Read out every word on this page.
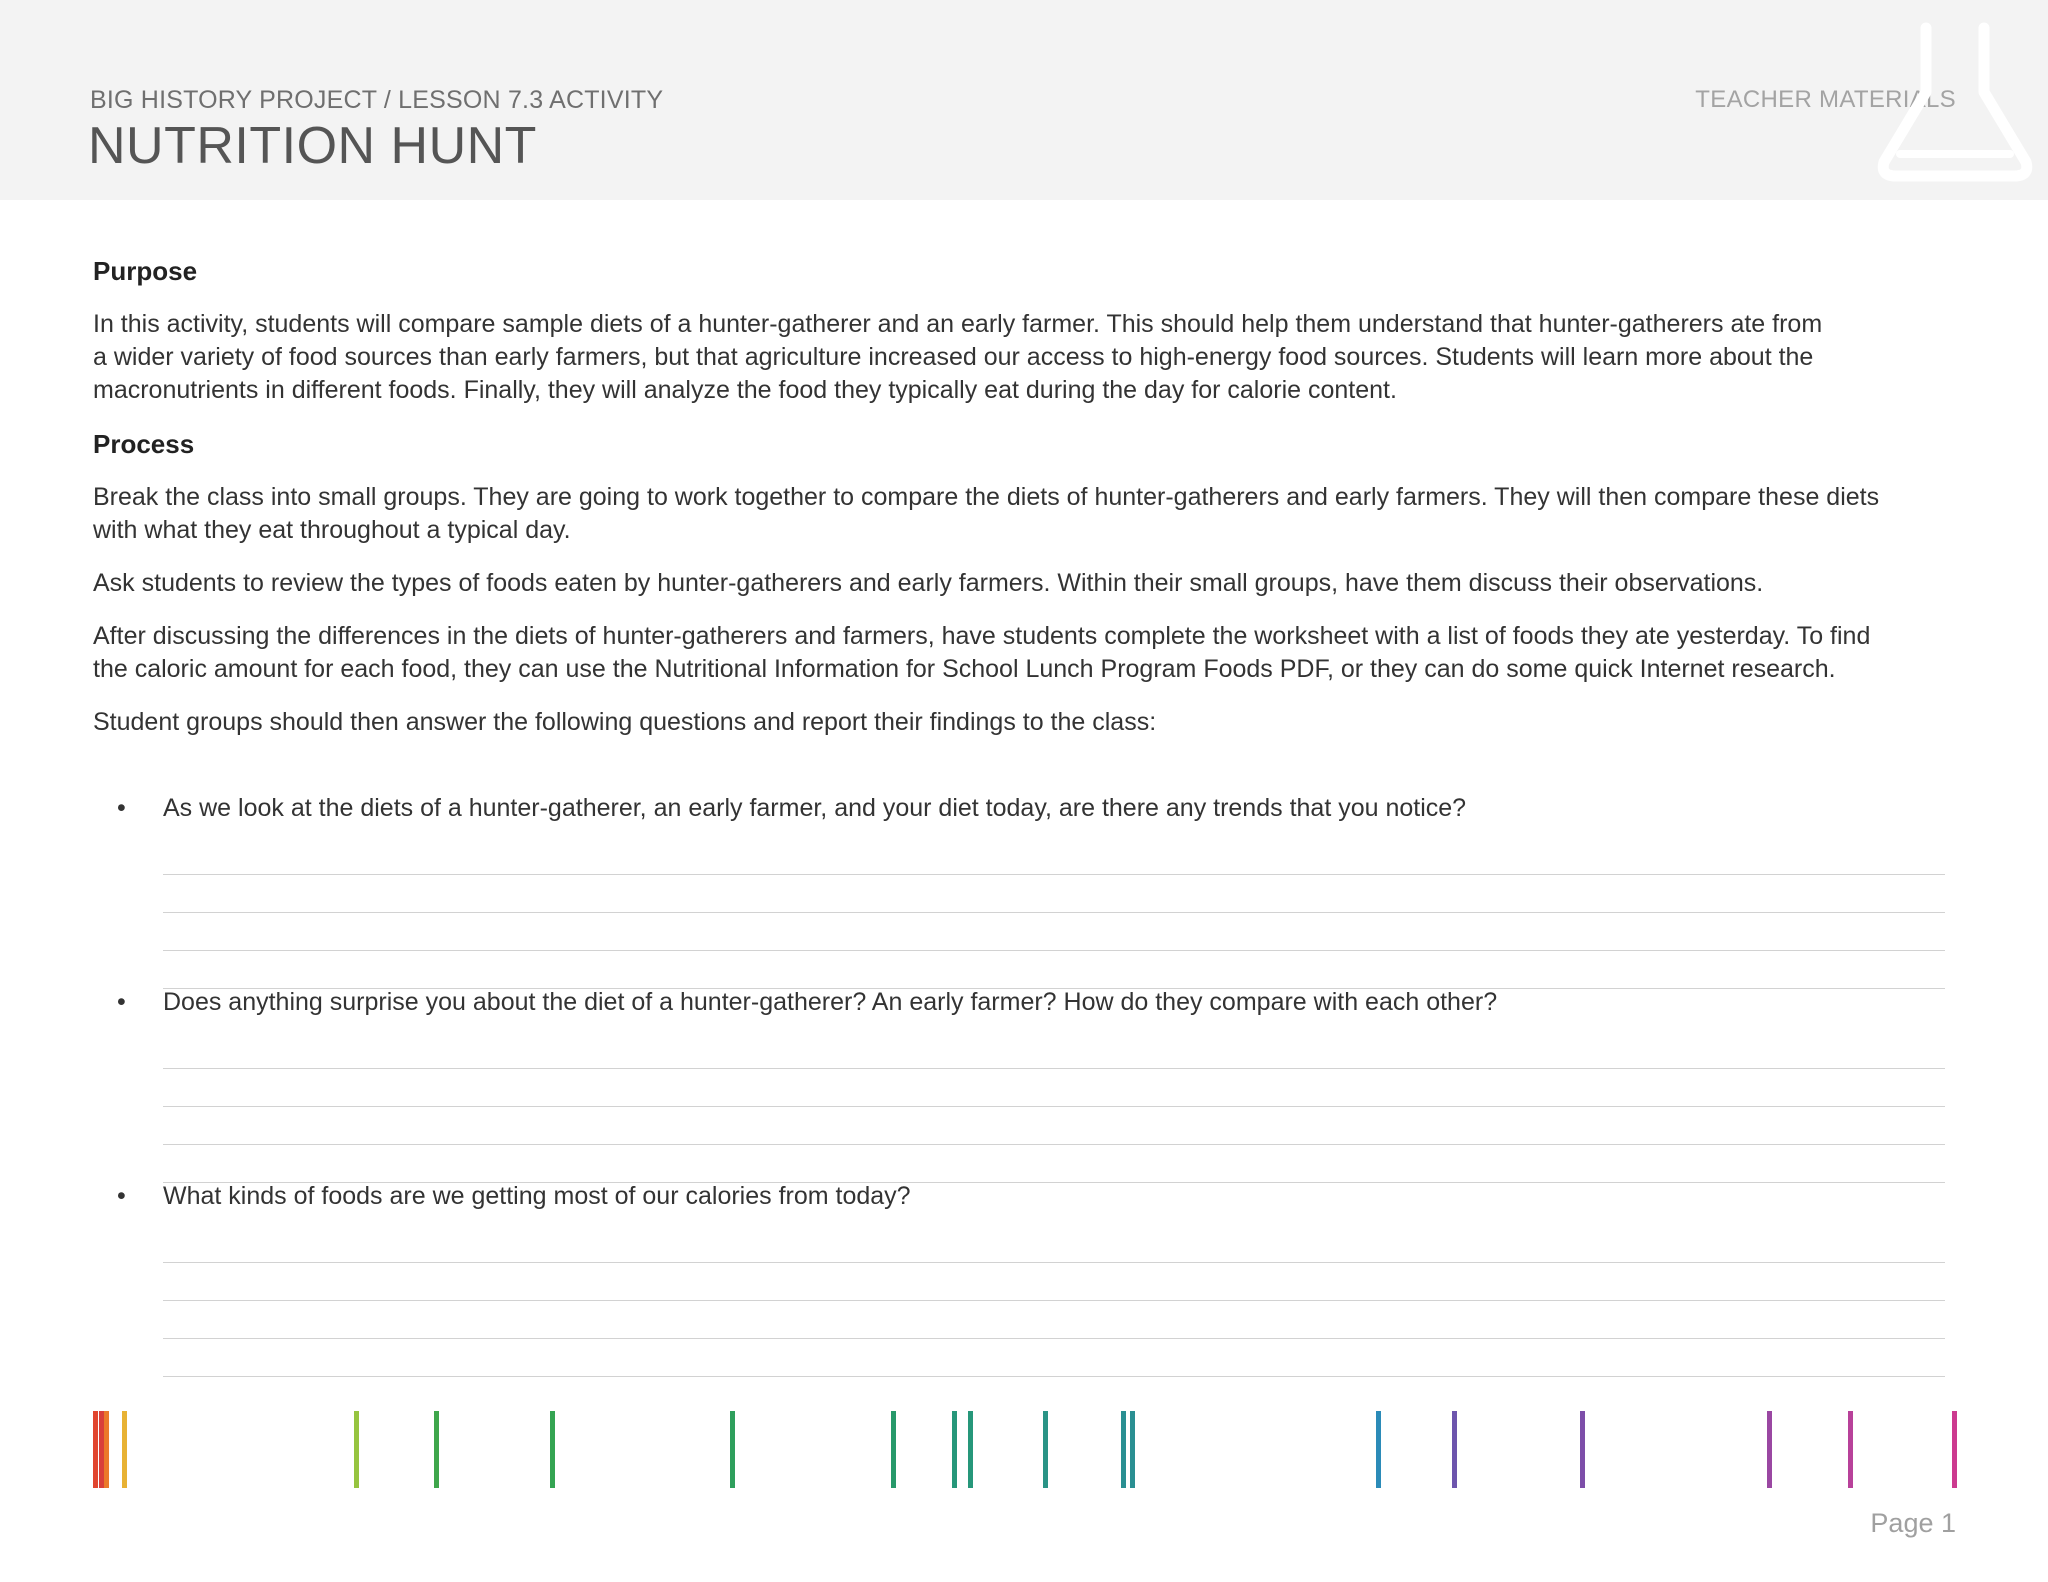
BIG HISTORY PROJECT / LESSON 7.3 ACTIVITY
NUTRITION HUNT
TEACHER MATERIALS
Purpose
In this activity, students will compare sample diets of a hunter-gatherer and an early farmer. This should help them understand that hunter-gatherers ate from
a wider variety of food sources than early farmers, but that agriculture increased our access to high-energy food sources. Students will learn more about the
macronutrients in different foods. Finally, they will analyze the food they typically eat during the day for calorie content.
Process
Break the class into small groups. They are going to work together to compare the diets of hunter-gatherers and early farmers. They will then compare these diets
with what they eat throughout a typical day.
Ask students to review the types of foods eaten by hunter-gatherers and early farmers. Within their small groups, have them discuss their observations.
After discussing the differences in the diets of hunter-gatherers and farmers, have students complete the worksheet with a list of foods they ate yesterday. To find
the caloric amount for each food, they can use the Nutritional Information for School Lunch Program Foods PDF, or they can do some quick Internet research.
Student groups should then answer the following questions and report their findings to the class:
•	As we look at the diets of a hunter-gatherer, an early farmer, and your diet today, are there any trends that you notice?
•	Does anything surprise you about the diet of a hunter-gatherer? An early farmer? How do they compare with each other?
•	What kinds of foods are we getting most of our calories from today?
Page 1
